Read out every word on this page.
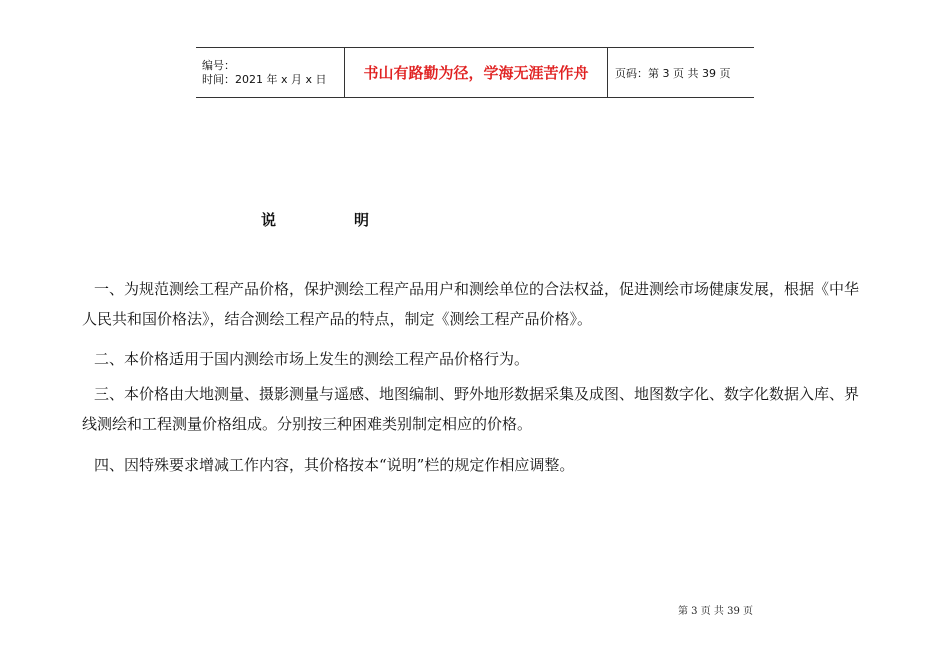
编号：
时间：2021 年 x 月 x 日	书山有路勤为径，学海无涯苦作舟 页码：第 3 页 共 39 页
说	明

一、为规范测绘工程产品价格，保护测绘工程产品用户和测绘单位的合法权益，促进测绘市场健康发展，根据《中华人民共和国价格法》，结合测绘工程产品的特点，制定《测绘工程产品价格》。

二、本价格适用于国内测绘市场上发生的测绘工程产品价格行为。

三、本价格由大地测量、摄影测量与遥感、地图编制、野外地形数据采集及成图、地图数字化、数字化数据入库、界线测绘和工程测量价格组成。分别按三种困难类别制定相应的价格。

四、因特殊要求增减工作内容，其价格按本“说明”栏的规定作相应调整。

第 3 页 共 39 页
